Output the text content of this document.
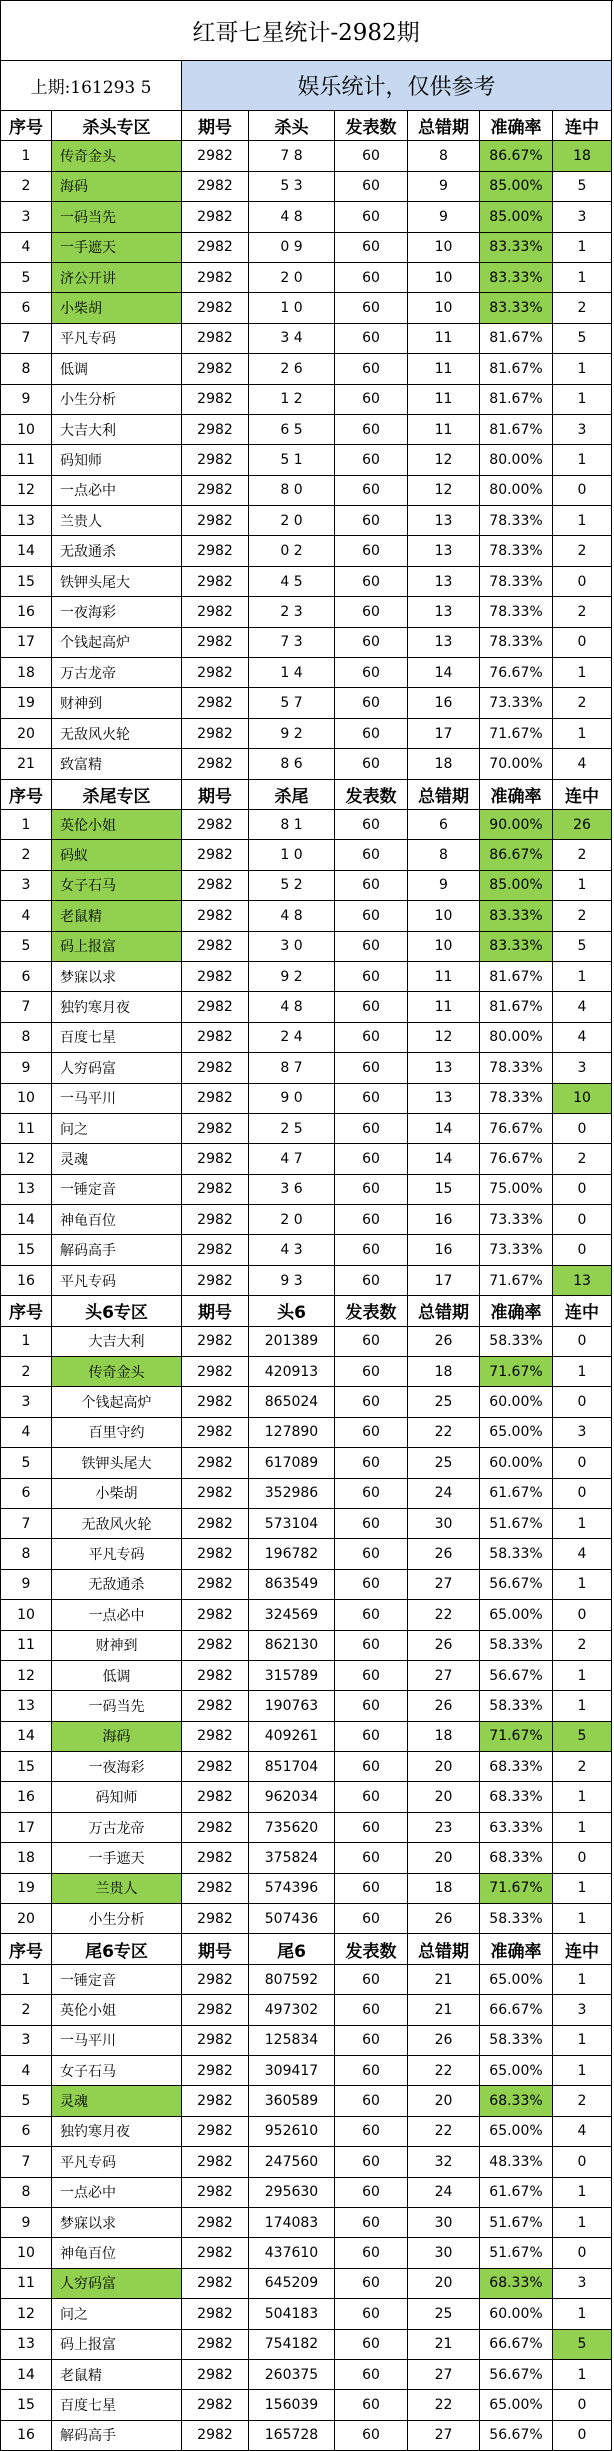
红哥七星统计-2982期
上期:161293 5	娱乐统计，仅供参考
序号	杀头专区	期号	杀头	发表数	总错期	准确率	连中
1	传奇金头	2982	7 8	60	8	86.67%	18
2	海码	2982	5 3	60	9	85.00%	5
3	一码当先	2982	4 8	60	9	85.00%	3
4	一手遮天	2982	0 9	60	10	83.33%	1
5	济公开讲	2982	2 0	60	10	83.33%	1
6	小柴胡	2982	1 0	60	10	83.33%	2
7	平凡专码	2982	3 4	60	11	81.67%	5
8	低调	2982	2 6	60	11	81.67%	1
9	小生分析	2982	1 2	60	11	81.67%	1
10	大吉大利	2982	6 5	60	11	81.67%	3
11	码知师	2982	5 1	60	12	80.00%	1
12	一点必中	2982	8 0	60	12	80.00%	0
13	兰贵人	2982	2 0	60	13	78.33%	1
14	无敌通杀	2982	0 2	60	13	78.33%	2
15	铁钾头尾大	2982	4 5	60	13	78.33%	0
16	一夜海彩	2982	2 3	60	13	78.33%	2
17	个钱起高炉	2982	7 3	60	13	78.33%	0
18	万古龙帝	2982	1 4	60	14	76.67%	1
19	财神到	2982	5 7	60	16	73.33%	2
20	无敌风火轮	2982	9 2	60	17	71.67%	1
21	致富精	2982	8 6	60	18	70.00%	4
序号	杀尾专区	期号	杀尾	发表数	总错期	准确率	连中
1	英伦小姐	2982	8 1	60	6	90.00%	26
2	码蚁	2982	1 0	60	8	86.67%	2
3	女子石马	2982	5 2	60	9	85.00%	1
4	老鼠精	2982	4 8	60	10	83.33%	2
5	码上报富	2982	3 0	60	10	83.33%	5
6	梦寐以求	2982	9 2	60	11	81.67%	1
7	独钓寒月夜	2982	4 8	60	11	81.67%	4
8	百度七星	2982	2 4	60	12	80.00%	4
9	人穷码富	2982	8 7	60	13	78.33%	3
10	一马平川	2982	9 0	60	13	78.33%	10
11	问之	2982	2 5	60	14	76.67%	0
12	灵魂	2982	4 7	60	14	76.67%	2
13	一锤定音	2982	3 6	60	15	75.00%	0
14	神龟百位	2982	2 0	60	16	73.33%	0
15	解码高手	2982	4 3	60	16	73.33%	0
16	平凡专码	2982	9 3	60	17	71.67%	13
序号	头6专区	期号	头6	发表数	总错期	准确率	连中
1	大吉大利	2982	201389	60	26	58.33%	0
2	传奇金头	2982	420913	60	18	71.67%	1
3	个钱起高炉	2982	865024	60	25	60.00%	0
4	百里守约	2982	127890	60	22	65.00%	3
5	铁钾头尾大	2982	617089	60	25	60.00%	0
6	小柴胡	2982	352986	60	24	61.67%	0
7	无敌风火轮	2982	573104	60	30	51.67%	1
8	平凡专码	2982	196782	60	26	58.33%	4
9	无敌通杀	2982	863549	60	27	56.67%	1
10	一点必中	2982	324569	60	22	65.00%	0
11	财神到	2982	862130	60	26	58.33%	2
12	低调	2982	315789	60	27	56.67%	1
13	一码当先	2982	190763	60	26	58.33%	1
14	海码	2982	409261	60	18	71.67%	5
15	一夜海彩	2982	851704	60	20	68.33%	2
16	码知师	2982	962034	60	20	68.33%	1
17	万古龙帝	2982	735620	60	23	63.33%	1
18	一手遮天	2982	375824	60	20	68.33%	0
19	兰贵人	2982	574396	60	18	71.67%	1
20	小生分析	2982	507436	60	26	58.33%	1
序号	尾6专区	期号	尾6	发表数	总错期	准确率	连中
1	一锤定音	2982	807592	60	21	65.00%	1
2	英伦小姐	2982	497302	60	21	66.67%	3
3	一马平川	2982	125834	60	26	58.33%	1
4	女子石马	2982	309417	60	22	65.00%	1
5	灵魂	2982	360589	60	20	68.33%	2
6	独钓寒月夜	2982	952610	60	22	65.00%	4
7	平凡专码	2982	247560	60	32	48.33%	0
8	一点必中	2982	295630	60	24	61.67%	1
9	梦寐以求	2982	174083	60	30	51.67%	1
10	神龟百位	2982	437610	60	30	51.67%	0
11	人穷码富	2982	645209	60	20	68.33%	3
12	问之	2982	504183	60	25	60.00%	1
13	码上报富	2982	754182	60	21	66.67%	5
14	老鼠精	2982	260375	60	27	56.67%	1
15	百度七星	2982	156039	60	22	65.00%	0
16	解码高手	2982	165728	60	27	56.67%	0
